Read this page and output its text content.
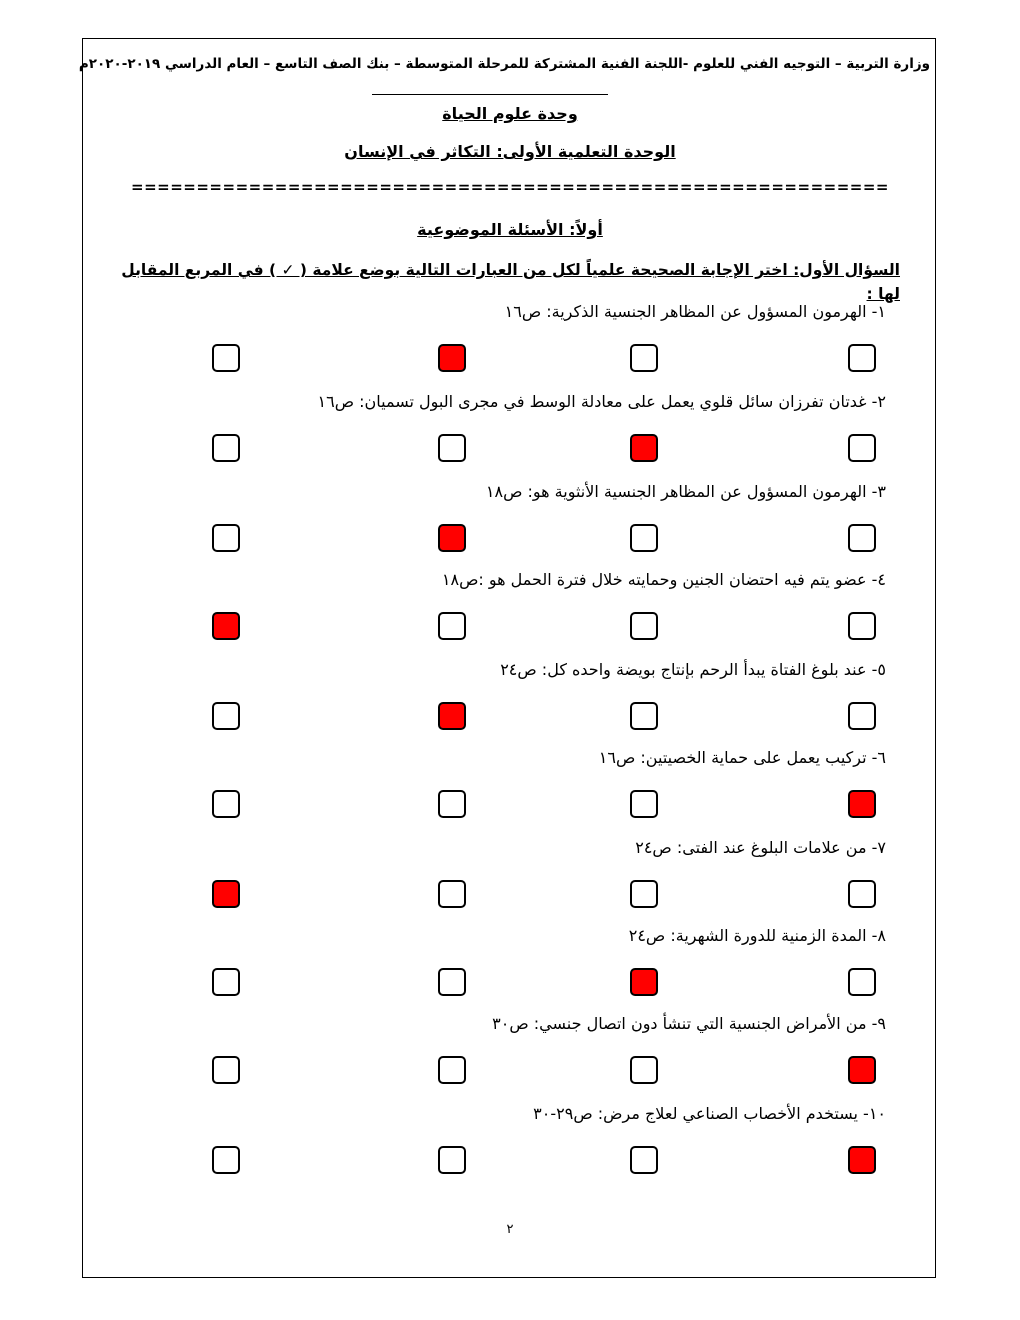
وزارة التربية – التوجيه الفني للعلوم -اللجنة الفنية المشتركة للمرحلة المتوسطة – بنك الصف التاسع – العام الدراسي ٢٠١٩-٢٠٢٠م
وحدة علوم الحياة
الوحدة التعلمية الأولى: التكاثر في الإنسان
==========================================================
أولاً: الأسئلة الموضوعية
السؤال الأول: اختر الإجابة الصحيحة علمياً لكل من العبارات التالية بوضع علامة ( ✓ ) في المربع المقابل لها :
١- الهرمون المسؤول عن المظاهر الجنسية الذكرية: ص١٦
٢- غدتان تفرزان سائل قلوي يعمل على معادلة الوسط في مجرى البول تسميان: ص١٦
٣- الهرمون المسؤول عن المظاهر الجنسية الأنثوية هو: ص١٨
٤- عضو يتم فيه احتضان الجنين وحمايته خلال فترة الحمل هو :ص١٨
٥- عند بلوغ الفتاة يبدأ الرحم بإنتاج بويضة واحده كل: ص٢٤
٦- تركيب يعمل على حماية الخصيتين: ص١٦
٧- من علامات البلوغ عند الفتى: ص٢٤
٨- المدة الزمنية للدورة الشهرية: ص٢٤
٩- من الأمراض الجنسية التي تنشأ دون اتصال جنسي: ص٣٠
١٠- يستخدم الأخصاب الصناعي لعلاج مرض: ص٢٩-٣٠
٢
